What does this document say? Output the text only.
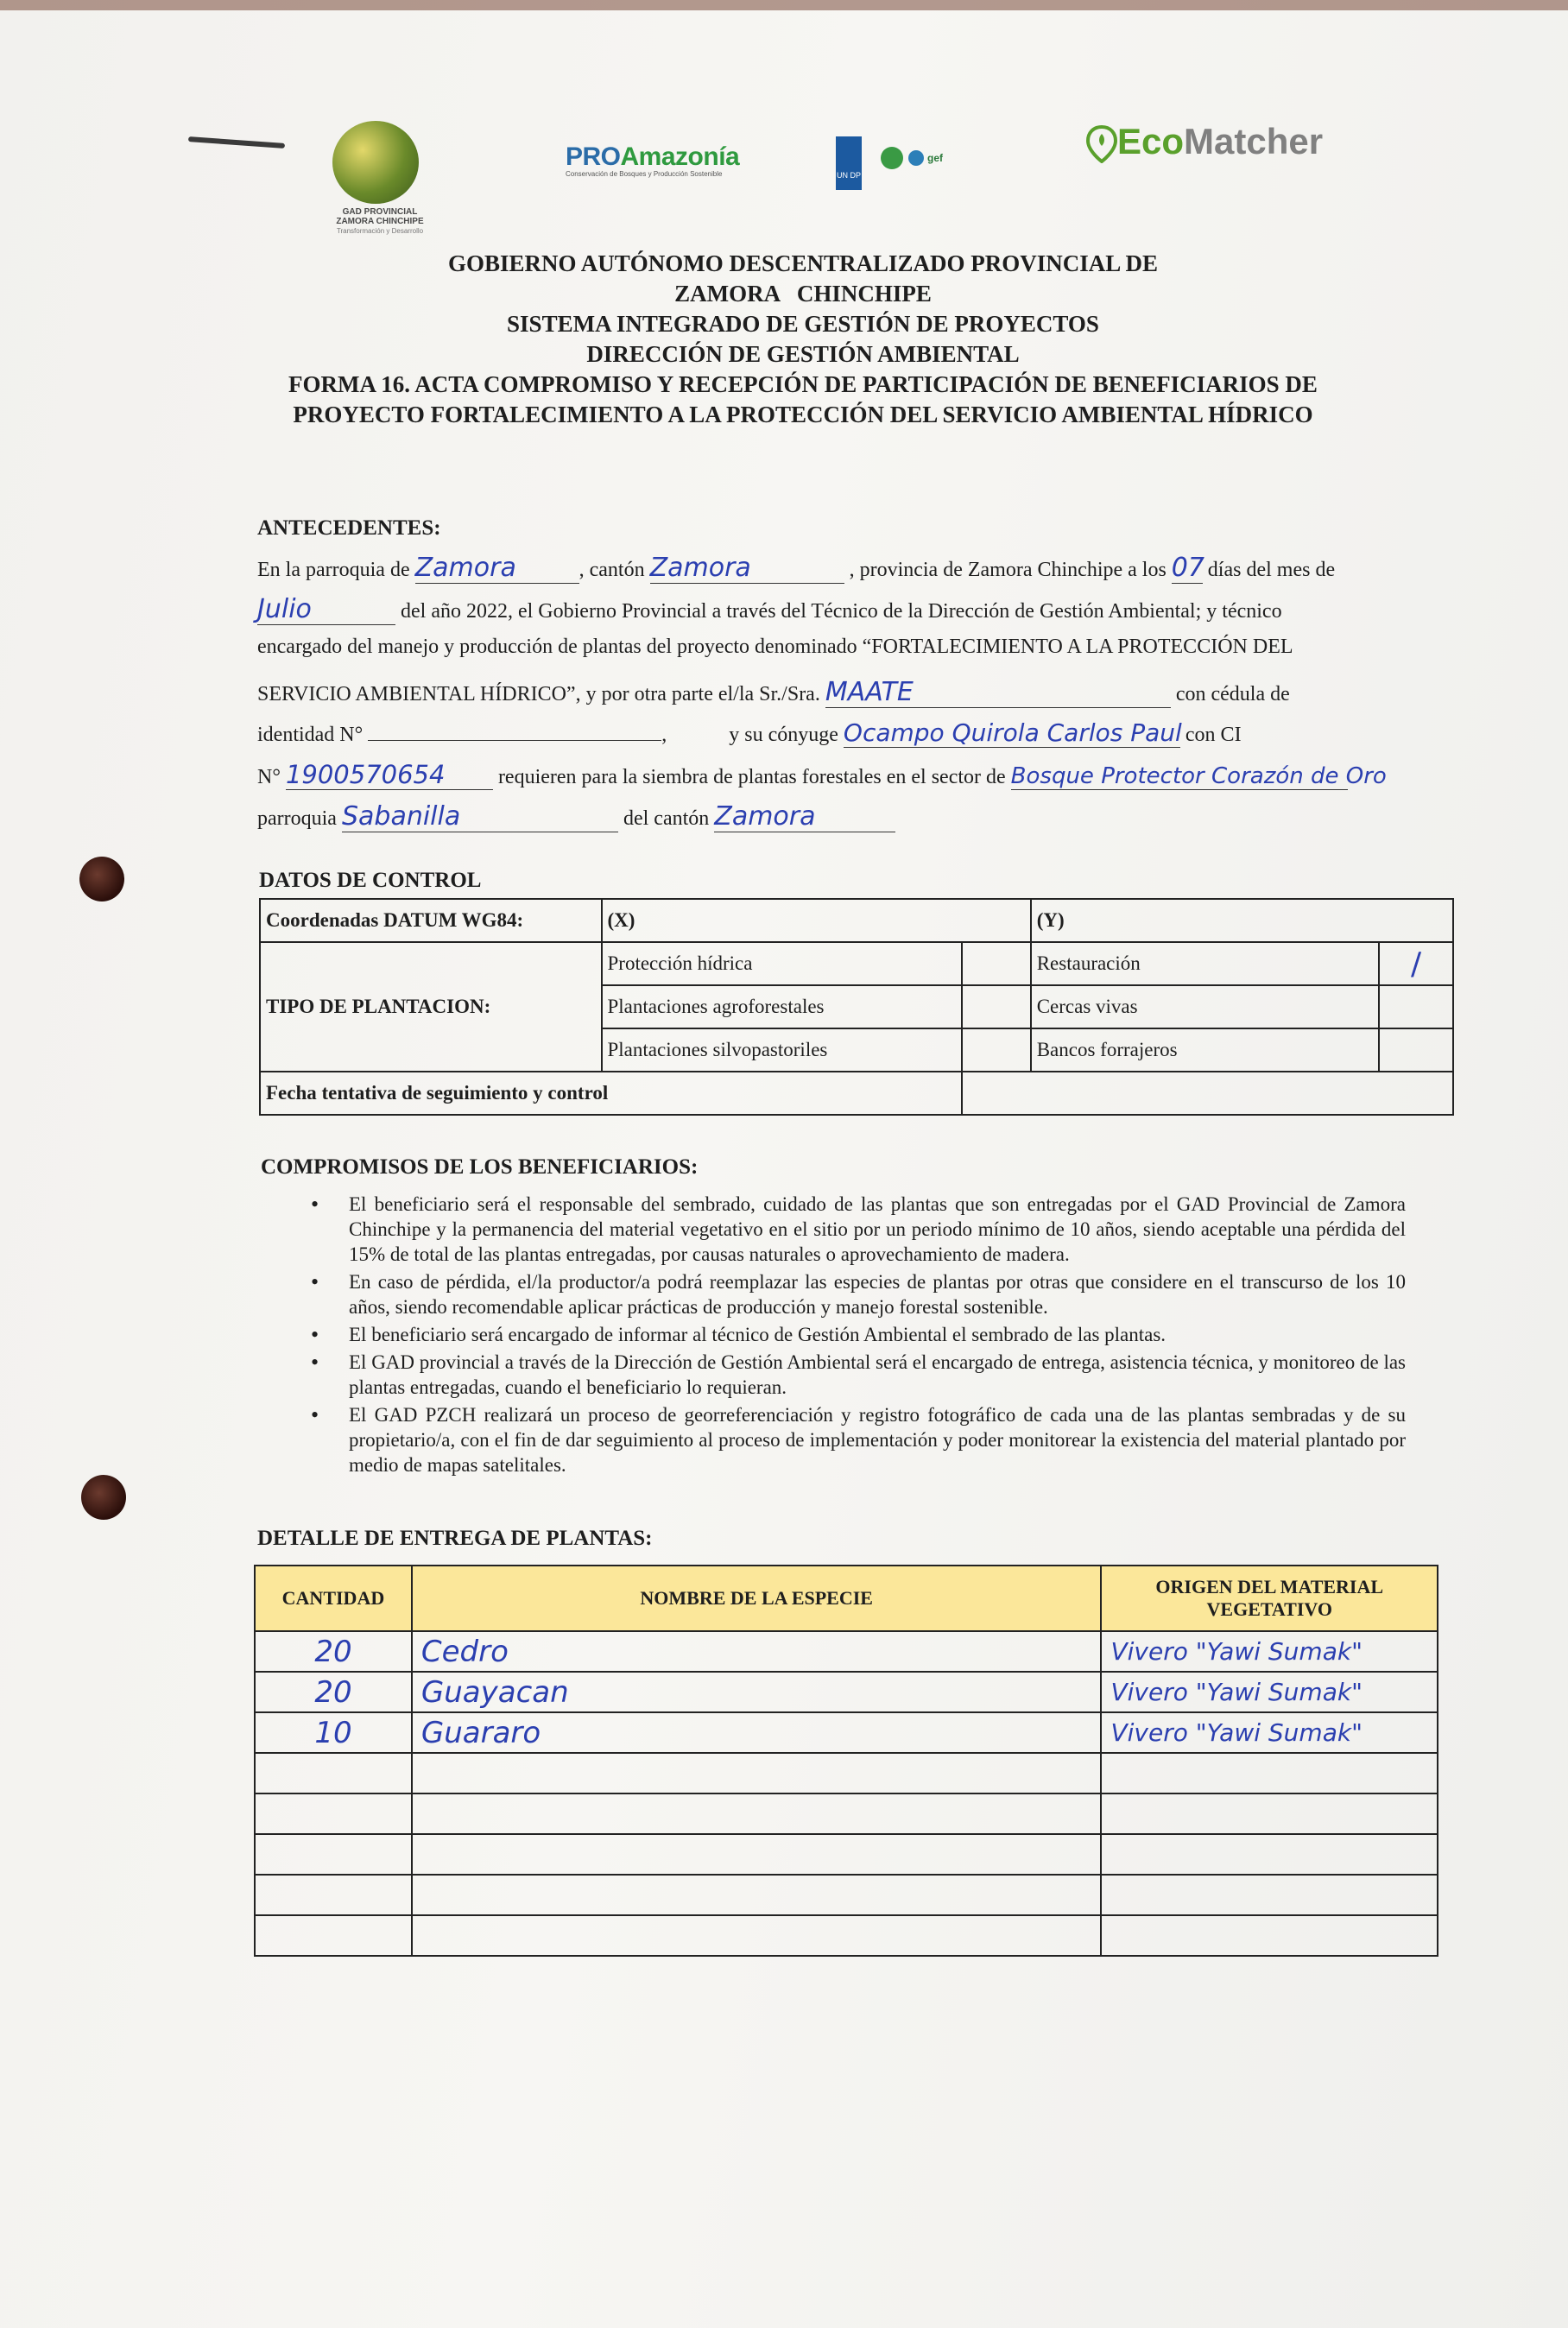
GAD PROVINCIAL
ZAMORA CHINCHIPE
Transformación y Desarrollo
PROAmazonía
Conservación de Bosques y Producción Sostenible	UN DP
gef	EcoMatcher
GOBIERNO AUTÓNOMO DESCENTRALIZADO PROVINCIAL DE
ZAMORA   CHINCHIPE
SISTEMA INTEGRADO DE GESTIÓN DE PROYECTOS
DIRECCIÓN DE GESTIÓN AMBIENTAL
FORMA 16. ACTA COMPROMISO Y RECEPCIÓN DE PARTICIPACIÓN DE BENEFICIARIOS DE
PROYECTO FORTALECIMIENTO A LA PROTECCIÓN DEL SERVICIO AMBIENTAL HÍDRICO
ANTECEDENTES:
En la parroquia de Zamora	, cantón Zamora	, provincia de Zamora Chinchipe a los 07 días del mes de
Julio	del año 2022, el Gobierno Provincial a través del Técnico de la Dirección de Gestión Ambiental; y técnico
encargado del manejo y producción de plantas del proyecto denominado “FORTALECIMIENTO A LA PROTECCIÓN DEL
SERVICIO AMBIENTAL HÍDRICO”, y por otra parte el/la Sr./Sra. MAATE	con cédula de
identidad N°	,	y su cónyuge Ocampo Quirola Carlos Paul con CI
N° 1900570654	requieren para la siembra de plantas forestales en el sector de Bosque Protector Corazón de Oro
parroquia Sabanilla	del cantón Zamora
DATOS DE CONTROL
Coordenadas DATUM WG84:	(X)		(Y)	
TIPO DE PLANTACION:	Protección hídrica		Restauración	/
	Plantaciones agroforestales		Cercas vivas	
	Plantaciones silvopastoriles		Bancos forrajeros	
Fecha tentativa de seguimiento y control				
COMPROMISOS DE LOS BENEFICIARIOS:
• El beneficiario será el responsable del sembrado, cuidado de las plantas que son entregadas por el GAD Provincial de Zamora Chinchipe y la permanencia del material vegetativo en el sitio por un periodo mínimo de 10 años, siendo aceptable una pérdida del 15% de total de las plantas entregadas, por causas naturales o aprovechamiento de madera.
• En caso de pérdida, el/la productor/a podrá reemplazar las especies de plantas por otras que considere en el transcurso de los 10 años, siendo recomendable aplicar prácticas de producción y manejo forestal sostenible.
• El beneficiario será encargado de informar al técnico de Gestión Ambiental el sembrado de las plantas.
• El GAD provincial a través de la Dirección de Gestión Ambiental será el encargado de entrega, asistencia técnica, y monitoreo de las plantas entregadas, cuando el beneficiario lo requieran.
• El GAD PZCH realizará un proceso de georreferenciación y registro fotográfico de cada una de las plantas sembradas y de su propietario/a, con el fin de dar seguimiento al proceso de implementación y poder monitorear la existencia del material plantado por medio de mapas satelitales.
DETALLE DE ENTREGA DE PLANTAS:
CANTIDAD	NOMBRE DE LA ESPECIE	ORIGEN DEL MATERIAL VEGETATIVO
20	Cedro	Vivero "Yawi Sumak"
20	Guayacan	Vivero "Yawi Sumak"
10	Guararo	Vivero "Yawi Sumak"
